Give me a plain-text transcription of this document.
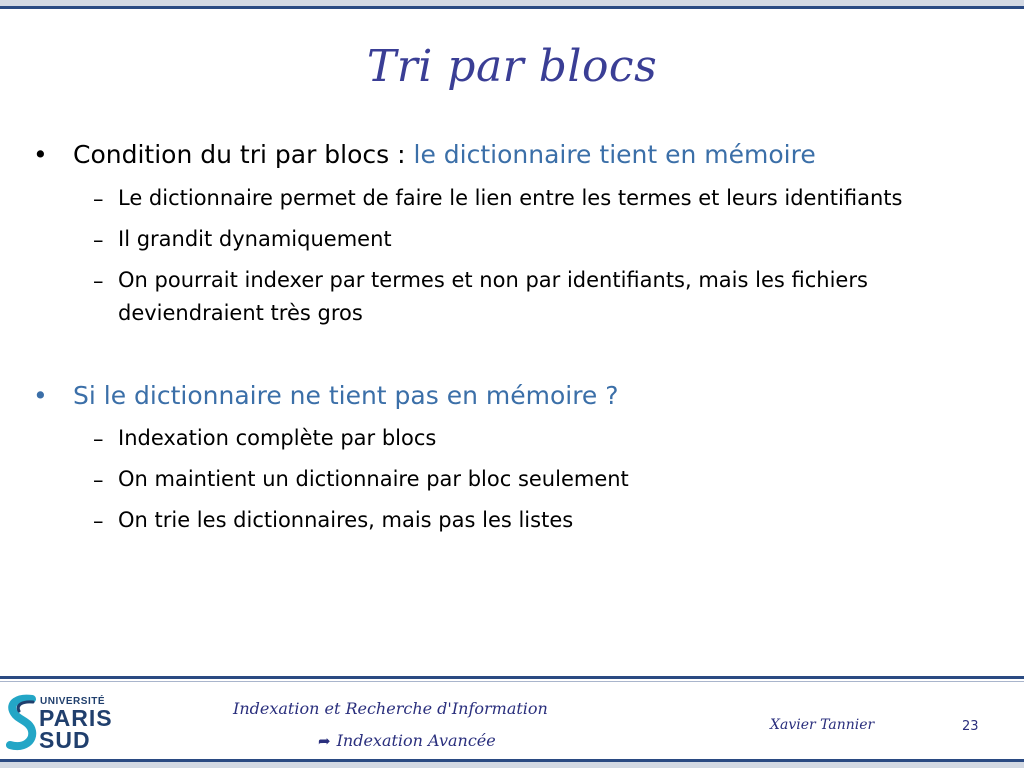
Tri par blocs
• Condition du tri par blocs : le dictionnaire tient en mémoire
– Le dictionnaire permet de faire le lien entre les termes et leurs identifiants
– Il grandit dynamiquement
– On pourrait indexer par termes et non par identifiants, mais les fichiers deviendraient très gros
• Si le dictionnaire ne tient pas en mémoire ?
– Indexation complète par blocs
– On maintient un dictionnaire par bloc seulement
– On trie les dictionnaires, mais pas les listes
UNIVERSITÉ
PARIS
SUD
Indexation et Recherche d'Information
➦ Indexation Avancée
Xavier Tannier	23
